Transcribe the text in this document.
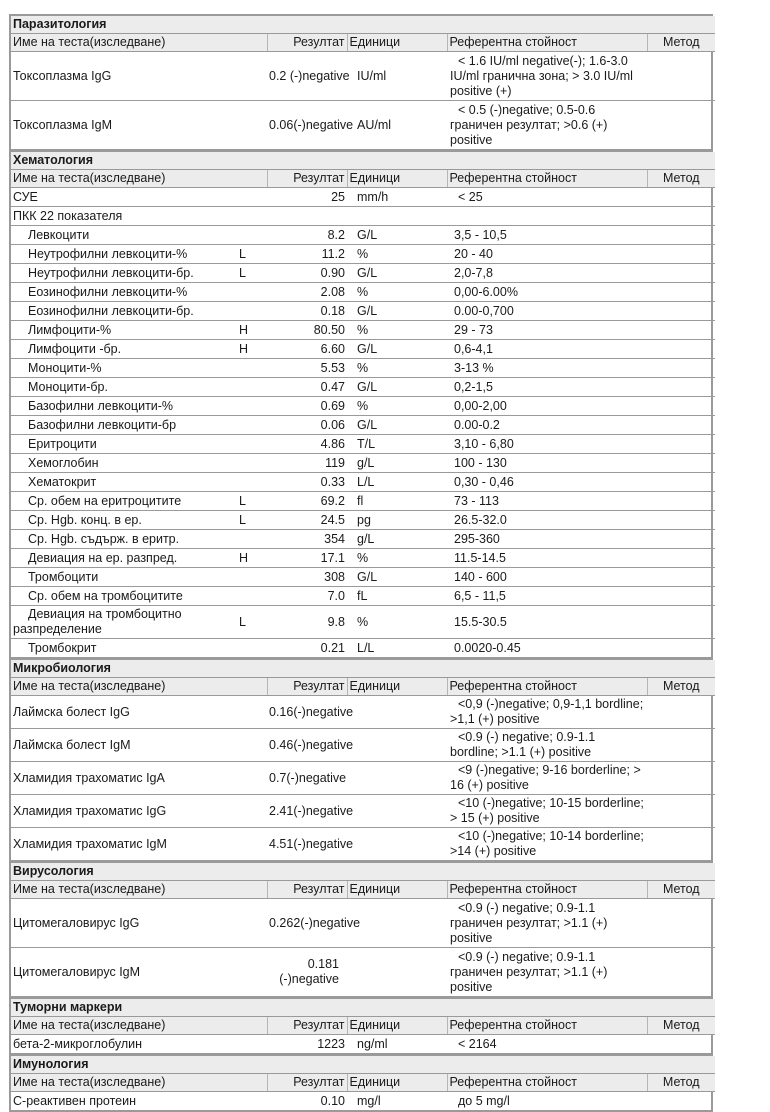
Паразитология					
Име на теста(изследване)		Резултат	Единици	Референтна стойност	Метод
Токсоплазма IgG		0.2 (-)negative	IU/ml	< 1.6 IU/ml negative(-); 1.6-3.0 IU/ml гранична зона; > 3.0 IU/ml positive (+)	

Токсоплазма IgM		0.06(-)negative	AU/ml	< 0.5 (-)negative; 0.5-0.6 граничен резултат; >0.6 (+) positive	

Хематология					
Име на теста(изследване)		Резултат	Единици	Референтна стойност	Метод
СУЕ		25	mm/h	< 25	

ПКК 22 показателя				

Левкоцити		8.2	G/L	3,5 - 10,5	

Неутрофилни левкоцити-%	L	11.2	%	20 - 40	

Неутрофилни левкоцити-бр.	L	0.90	G/L	2,0-7,8	

Еозинофилни левкоцити-%		2.08	%	0,00-6.00%	

Еозинофилни левкоцити-бр.		0.18	G/L	0.00-0,700	

Лимфоцити-%	H	80.50	%	29 - 73	

Лимфоцити -бр.	H	6.60	G/L	0,6-4,1	

Моноцити-%		5.53	%	3-13 %	

Моноцити-бр.		0.47	G/L	0,2-1,5	

Базофилни левкоцити-%		0.69	%	0,00-2,00	

Базофилни левкоцити-бр		0.06	G/L	0.00-0.2	

Еритроцити		4.86	T/L	3,10 - 6,80	

Хемоглобин		119	g/L	100 - 130	

Хематокрит		0.33	L/L	0,30 - 0,46	

Ср. обем на еритроцитите	L	69.2	fl	73 - 113	

Ср. Hgb. конц. в ер.	L	24.5	pg	26.5-32.0	

Ср. Hgb. съдърж. в еритр.		354	g/L	295-360	

Девиация на ер. разпред.	H	17.1	%	11.5-14.5	

Тромбоцити		308	G/L	140 - 600	

Ср. обем на тромбоцитите		7.0	fL	6,5 - 11,5	

Девиация на тромбоцитно разпределение	L	9.8	%	15.5-30.5	

Тромбокрит		0.21	L/L	0.0020-0.45	

Микробиология					
Име на теста(изследване)		Резултат	Единици	Референтна стойност	Метод
Лаймска болест IgG		0.16(-)negative		<0,9 (-)negative; 0,9-1,1 bordline; >1,1 (+) positive	

Лаймска болест IgM		0.46(-)negative		<0.9 (-) negative; 0.9-1.1 bordline; >1.1 (+) positive	

Хламидия трахоматис IgA		0.7(-)negative		<9 (-)negative; 9-16 borderline; > 16 (+) positive	

Хламидия трахоматис IgG		2.41(-)negative		<10 (-)negative; 10-15 borderline; > 15 (+) positive	

Хламидия трахоматис IgM		4.51(-)negative		<10 (-)negative; 10-14 borderline; >14 (+) positive	

Вирусология					
Име на теста(изследване)		Резултат	Единици	Референтна стойност	Метод
Цитомегаловирус IgG		0.262(-)negative		<0.9 (-) negative; 0.9-1.1 граничен резултат; >1.1 (+) positive	

Цитомегаловирус IgM		0.181 (-)negative		<0.9 (-) negative; 0.9-1.1 граничен резултат; >1.1 (+) positive	

Туморни маркери					
Име на теста(изследване)		Резултат	Единици	Референтна стойност	Метод
бета-2-микроглобулин		1223	ng/ml	< 2164	

Имунология					
Име на теста(изследване)		Резултат	Единици	Референтна стойност	Метод
С-реактивен протеин		0.10	mg/l	до 5 mg/l	
